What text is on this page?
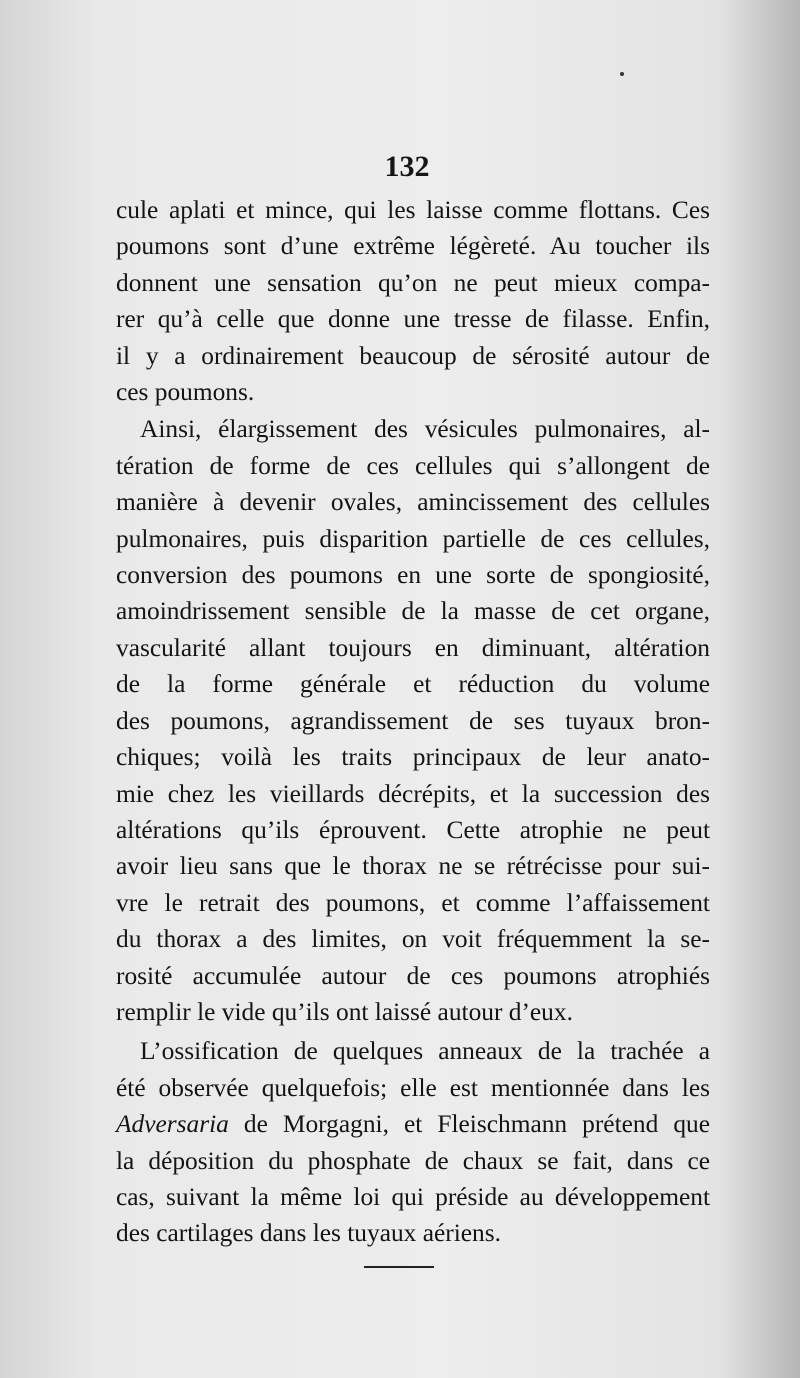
132
cule aplati et mince, qui les laisse comme flottans. Ces
poumons sont d’une extrême légèreté. Au toucher ils
donnent une sensation qu’on ne peut mieux compa-
rer qu’à celle que donne une tresse de filasse. Enfin,
il y a ordinairement beaucoup de sérosité autour de
ces poumons.
Ainsi, élargissement des vésicules pulmonaires, al-
tération de forme de ces cellules qui s’allongent de
manière à devenir ovales, amincissement des cellules
pulmonaires, puis disparition partielle de ces cellules,
conversion des poumons en une sorte de spongiosité,
amoindrissement sensible de la masse de cet organe,
vascularité allant toujours en diminuant, altération
de la forme générale et réduction du volume
des poumons, agrandissement de ses tuyaux bron-
chiques; voilà les traits principaux de leur anato-
mie chez les vieillards décrépits, et la succession des
altérations qu’ils éprouvent. Cette atrophie ne peut
avoir lieu sans que le thorax ne se rétrécisse pour sui-
vre le retrait des poumons, et comme l’affaissement
du thorax a des limites, on voit fréquemment la se-
rosité accumulée autour de ces poumons atrophiés
remplir le vide qu’ils ont laissé autour d’eux.
L’ossification de quelques anneaux de la trachée a
été observée quelquefois; elle est mentionnée dans les
Adversaria de Morgagni, et Fleischmann prétend que
la déposition du phosphate de chaux se fait, dans ce
cas, suivant la même loi qui préside au développement
des cartilages dans les tuyaux aériens.
